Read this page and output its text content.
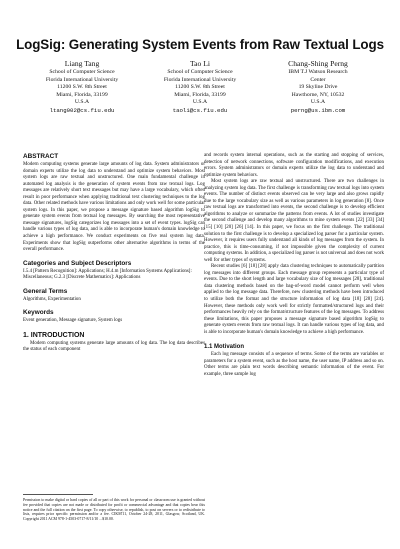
LogSig: Generating System Events from Raw Textual Logs
Liang Tang
School of Computer Science
Florida International University
11200 S.W. 8th Street
Miami, Florida, 33199
U.S.A
ltang002@cs.fiu.edu
Tao Li
School of Computer Science
Florida International University
11200 S.W. 8th Street
Miami, Florida, 33199
U.S.A
taoli@cs.fiu.edu
Chang-Shing Perng
IBM T.J Watson Research
Center
19 Skyline Drive
Hawthorne, NY, 10532
U.S.A
perng@us.ibm.com
ABSTRACT

Modern computing systems generate large amounts of log data. System administrators or domain experts utilize the log data to understand and optimize system behaviors. Most system logs are raw textual and unstructured. One main fundamental challenge in automated log analysis is the generation of system events from raw textual logs. Log messages are relatively short text messages but may have a large vocabulary, which often result in poor performance when applying traditional text clustering techniques to the log data. Other related methods have various limitations and only work well for some particular system logs. In this paper, we propose a message signature based algorithm logSig to generate system events from textual log messages. By searching the most representative message signatures, logSig categorizes log messages into a set of event types. logSig can handle various types of log data, and is able to incorporate human's domain knowledge to achieve a high performance. We conduct experiments on five real system log data. Experiments show that logSig outperforms other alternative algorithms in terms of the overall performance.

Categories and Subject Descriptors

I.5.4 [Pattern Recognition]: Applications; H.4.m [Information Systems Applications]: Miscellaneous; G.2.3 [Discrete Mathematics]: Applications

General Terms

Algorithms, Experimentation

Keywords

Event generation, Message signature, System logs

1. INTRODUCTION

Modern computing systems generate large amounts of log data. The log data describes the status of each component

Permission to make digital or hard copies of all or part of this work for personal or classroom use is granted without fee provided that copies are not made or distributed for profit or commercial advantage and that copies bear this notice and the full citation on the first page. To copy otherwise, to republish, to post on servers or to redistribute to lists, requires prior specific permission and/or a fee. CIKM'11, October 24-28, 2011, Glasgow, Scotland, UK. Copyright 2011 ACM 978-1-4503-0717-8/11/10 ...$10.00.

and records system internal operations, such as the starting and stopping of services, detection of network connections, software configuration modifications, and execution errors. System administrators or domain experts utilize the log data to understand and optimize system behaviors.

Most system logs are raw textual and unstructured. There are two challenges in analyzing system log data. The first challenge is transforming raw textual logs into system events. The number of distinct events observed can be very large and also grows rapidly due to the large vocabulary size as well as various parameters in log generation [8]. Once raw textual logs are transformed into events, the second challenge is to develop efficient algorithms to analyze or summarize the patterns from events. A lot of studies investigate the second challenge and develop many algorithms to mine system events [22] [33] [34] [15] [10] [20] [26] [14]. In this paper, we focus on the first challenge. The traditional solution to the first challenge is to develop a specialized log parser for a particular system. However, it requires users fully understand all kinds of log messages from the system. In practice, this is time-consuming, if not impossible given the complexity of current computing systems. In addition, a specialized log parser is not universal and does not work well for other types of systems.

Recent studies [6] [18] [28] apply data clustering techniques to automatically partition log messages into different groups. Each message group represents a particular type of events. Due to the short length and large vocabulary size of log messages [28], traditional data clustering methods based on the bag-of-word model cannot perform well when applied to the log message data. Therefore, new clustering methods have been introduced to utilize both the format and the structure information of log data [18] [28] [24]. However, these methods only work well for strictly formatted/structured logs and their performances heavily rely on the format/structure features of the log messages. To address these limitations, this paper proposes a message signature based algorithm logSig to generate system events from raw textual logs. It can handle various types of log data, and is able to incorporate human's domain knowledge to achieve a high performance.

1.1 Motivation

Each log message consists of a sequence of terms. Some of the terms are variables or parameters for a system event, such as the host name, the user name, IP address and so on. Other terms are plain text words describing semantic information of the event. For example, three sample log
